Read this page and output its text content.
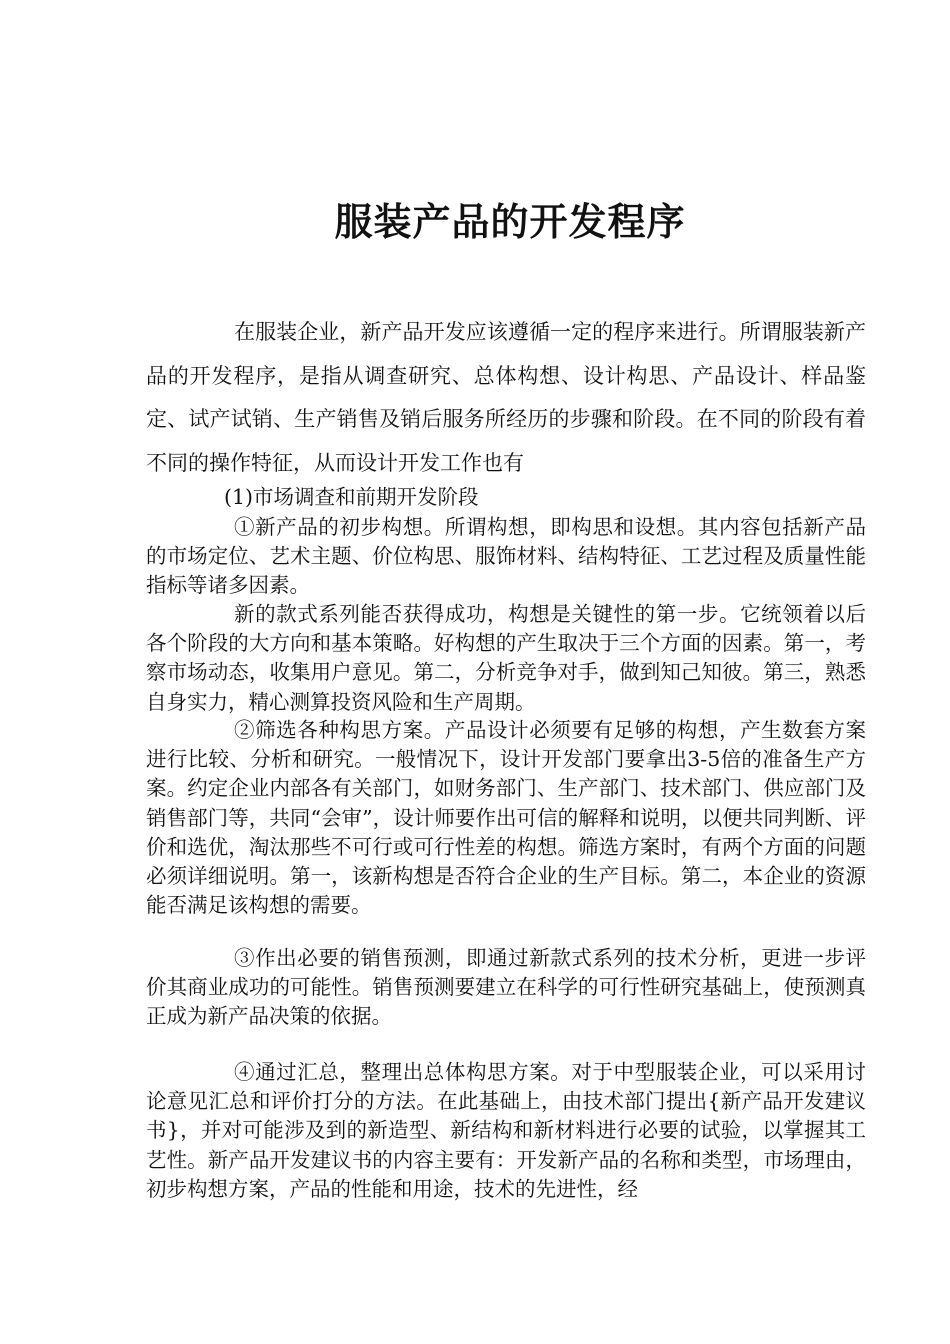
服装产品的开发程序

在服装企业，新产品开发应该遵循一定的程序来进行。所谓服装新产品的开发程序，是指从调查研究、总体构想、设计构思、产品设计、样品鉴定、试产试销、生产销售及销后服务所经历的步骤和阶段。在不同的阶段有着不同的操作特征，从而设计开发工作也有

(1)市场调查和前期开发阶段

①新产品的初步构想。所谓构想，即构思和设想。其内容包括新产品的市场定位、艺术主题、价位构思、服饰材料、结构特征、工艺过程及质量性能指标等诸多因素。

新的款式系列能否获得成功，构想是关键性的第一步。它统领着以后各个阶段的大方向和基本策略。好构想的产生取决于三个方面的因素。第一，考察市场动态，收集用户意见。第二，分析竞争对手，做到知己知彼。第三，熟悉自身实力，精心测算投资风险和生产周期。

②筛选各种构思方案。产品设计必须要有足够的构想，产生数套方案进行比较、分析和研究。一般情况下，设计开发部门要拿出3-5倍的准备生产方案。约定企业内部各有关部门，如财务部门、生产部门、技术部门、供应部门及销售部门等，共同“会审”，设计师要作出可信的解释和说明，以便共同判断、评价和选优，淘汰那些不可行或可行性差的构想。筛选方案时，有两个方面的问题必须详细说明。第一，该新构想是否符合企业的生产目标。第二，本企业的资源能否满足该构想的需要。

③作出必要的销售预测，即通过新款式系列的技术分析，更进一步评价其商业成功的可能性。销售预测要建立在科学的可行性研究基础上，使预测真正成为新产品决策的依据。

④通过汇总，整理出总体构思方案。对于中型服装企业，可以采用讨论意见汇总和评价打分的方法。在此基础上，由技术部门提出{新产品开发建议书}，并对可能涉及到的新造型、新结构和新材料进行必要的试验，以掌握其工艺性。新产品开发建议书的内容主要有：开发新产品的名称和类型，市场理由，初步构想方案，产品的性能和用途，技术的先进性，经
